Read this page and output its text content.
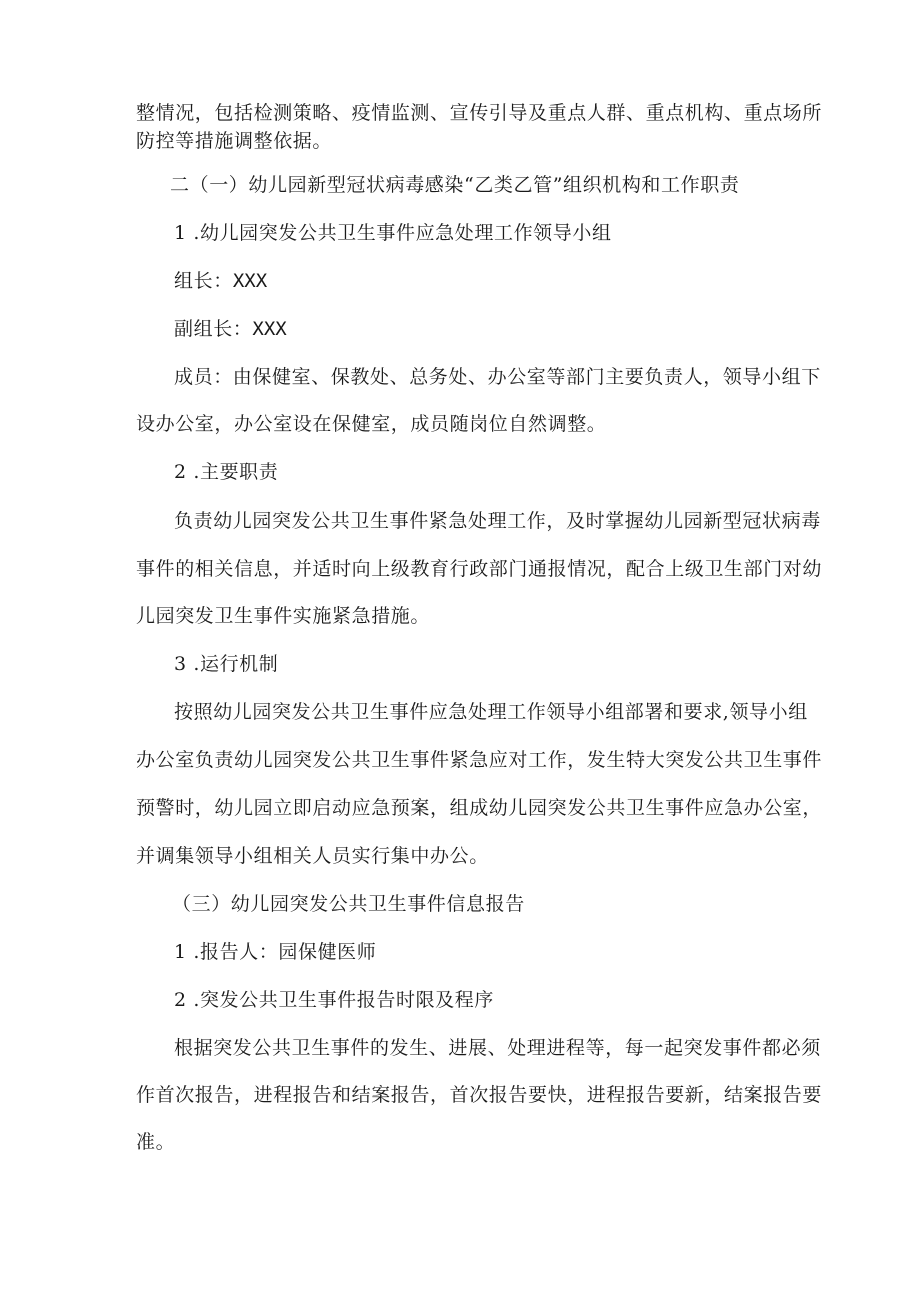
整情况，包括检测策略、疫情监测、宣传引导及重点人群、重点机构、重点场所
防控等措施调整依据。
二（一）幼儿园新型冠状病毒感染“乙类乙管”组织机构和工作职责
1 .幼儿园突发公共卫生事件应急处理工作领导小组
组长：XXX
副组长：XXX
成员：由保健室、保教处、总务处、办公室等部门主要负责人，领导小组下
设办公室，办公室设在保健室，成员随岗位自然调整。
2 .主要职责
负责幼儿园突发公共卫生事件紧急处理工作，及时掌握幼儿园新型冠状病毒
事件的相关信息，并适时向上级教育行政部门通报情况，配合上级卫生部门对幼
儿园突发卫生事件实施紧急措施。
3 .运行机制
按照幼儿园突发公共卫生事件应急处理工作领导小组部署和要求,领导小组
办公室负责幼儿园突发公共卫生事件紧急应对工作，发生特大突发公共卫生事件
预警时，幼儿园立即启动应急预案，组成幼儿园突发公共卫生事件应急办公室，
并调集领导小组相关人员实行集中办公。
（三）幼儿园突发公共卫生事件信息报告
1 .报告人：园保健医师
2 .突发公共卫生事件报告时限及程序
根据突发公共卫生事件的发生、进展、处理进程等，每一起突发事件都必须
作首次报告，进程报告和结案报告，首次报告要快，进程报告要新，结案报告要
准。
